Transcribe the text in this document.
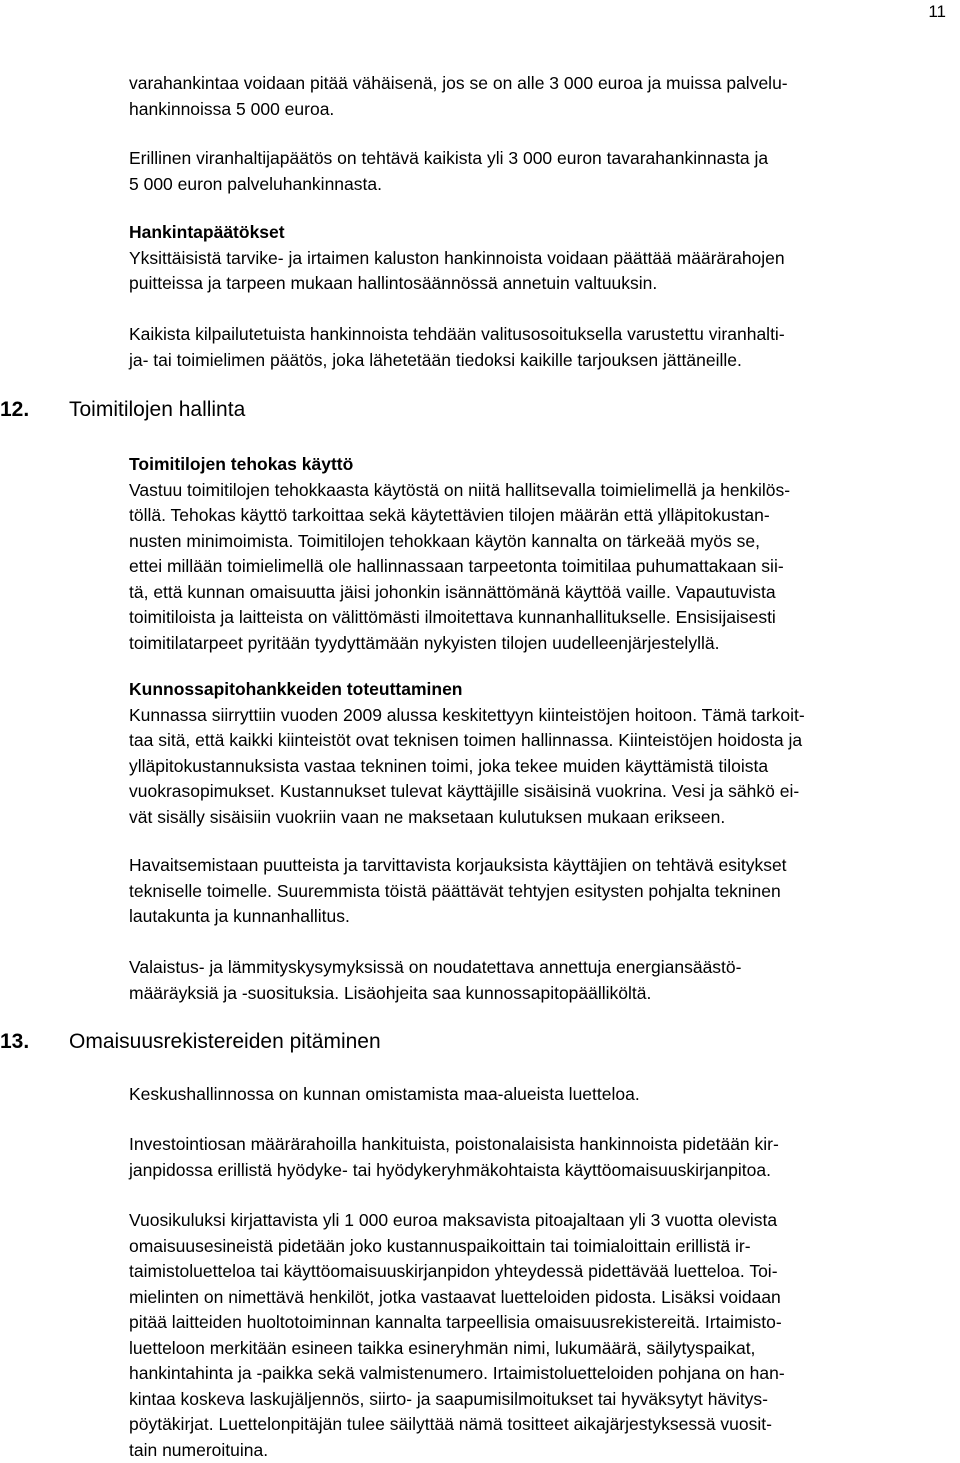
11
varahankintaa voidaan pitää vähäisenä, jos se on alle 3 000 euroa ja muissa palvelu-
hankinnoissa 5 000 euroa.
Erillinen viranhaltijapäätös on tehtävä kaikista yli 3 000 euron tavarahankinnasta ja
5 000 euron palveluhankinnasta.
Hankintapäätökset
Yksittäisistä tarvike- ja irtaimen kaluston hankinnoista voidaan päättää määrärahojen
puitteissa ja tarpeen mukaan hallintosäännössä annetuin valtuuksin.
Kaikista kilpailutetuista hankinnoista tehdään valitusosoituksella varustettu viranhalti-
ja- tai toimielimen päätös, joka lähetetään tiedoksi kaikille tarjouksen jättäneille.
12. Toimitilojen hallinta
Toimitilojen tehokas käyttö
Vastuu toimitilojen tehokkaasta käytöstä on niitä hallitsevalla toimielimellä ja henkilös-
töllä. Tehokas käyttö tarkoittaa sekä käytettävien tilojen määrän että ylläpitokustan-
nusten minimoimista. Toimitilojen tehokkaan käytön kannalta on tärkeää myös se,
ettei millään toimielimellä ole hallinnassaan tarpeetonta toimitilaa puhumattakaan sii-
tä, että kunnan omaisuutta jäisi johonkin isännättömänä käyttöä vaille. Vapautuvista
toimitiloista ja laitteista on välittömästi ilmoitettava kunnanhallitukselle. Ensisijaisesti
toimitilatarpeet pyritään tyydyttämään nykyisten tilojen uudelleenjärjestelyllä.
Kunnossapitohankkeiden toteuttaminen
Kunnassa siirryttiin vuoden 2009 alussa keskitettyyn kiinteistöjen hoitoon. Tämä tarkoit-
taa sitä, että kaikki kiinteistöt ovat teknisen toimen hallinnassa. Kiinteistöjen hoidosta ja
ylläpitokustannuksista vastaa tekninen toimi, joka tekee muiden käyttämistä tiloista
vuokrasopimukset. Kustannukset tulevat käyttäjille sisäisinä vuokrina. Vesi ja sähkö ei-
vät sisälly sisäisiin vuokriin vaan ne maksetaan kulutuksen mukaan erikseen.
Havaitsemistaan puutteista ja tarvittavista korjauksista käyttäjien on tehtävä esitykset
tekniselle toimelle. Suuremmista töistä päättävät tehtyjen esitysten pohjalta tekninen
lautakunta ja kunnanhallitus.
Valaistus- ja lämmityskysymyksissä on noudatettava annettuja energiansäästö-
määräyksiä ja -suosituksia. Lisäohjeita saa kunnossapitopäälliköltä.
13. Omaisuusrekistereiden pitäminen
Keskushallinnossa on kunnan omistamista maa-alueista luetteloa.
Investointiosan määrärahoilla hankituista, poistonalaisista hankinnoista pidetään kir-
janpidossa erillistä hyödyke- tai hyödykeryhmäkohtaista käyttöomaisuuskirjanpitoa.
Vuosikuluksi kirjattavista yli 1 000 euroa maksavista pitoajaltaan yli 3 vuotta olevista
omaisuusesineistä pidetään joko kustannuspaikoittain tai toimialoittain erillistä ir-
taimistoluetteloa tai käyttöomaisuuskirjanpidon yhteydessä pidettävää luetteloa. Toi-
mielinten on nimettävä henkilöt, jotka vastaavat luetteloiden pidosta. Lisäksi voidaan
pitää laitteiden huoltotoiminnan kannalta tarpeellisia omaisuusrekistereitä. Irtaimisto-
luetteloon merkitään esineen taikka esineryhmän nimi, lukumäärä, säilytyspaikat,
hankintahinta ja -paikka sekä valmistenumero. Irtaimistoluetteloiden pohjana on han-
kintaa koskeva laskujäljennös, siirto- ja saapumisilmoitukset tai hyväksytyt hävitys-
pöytäkirjat. Luettelonpitäjän tulee säilyttää nämä tositteet aikajärjestyksessä vuosit-
tain numeroituina.
